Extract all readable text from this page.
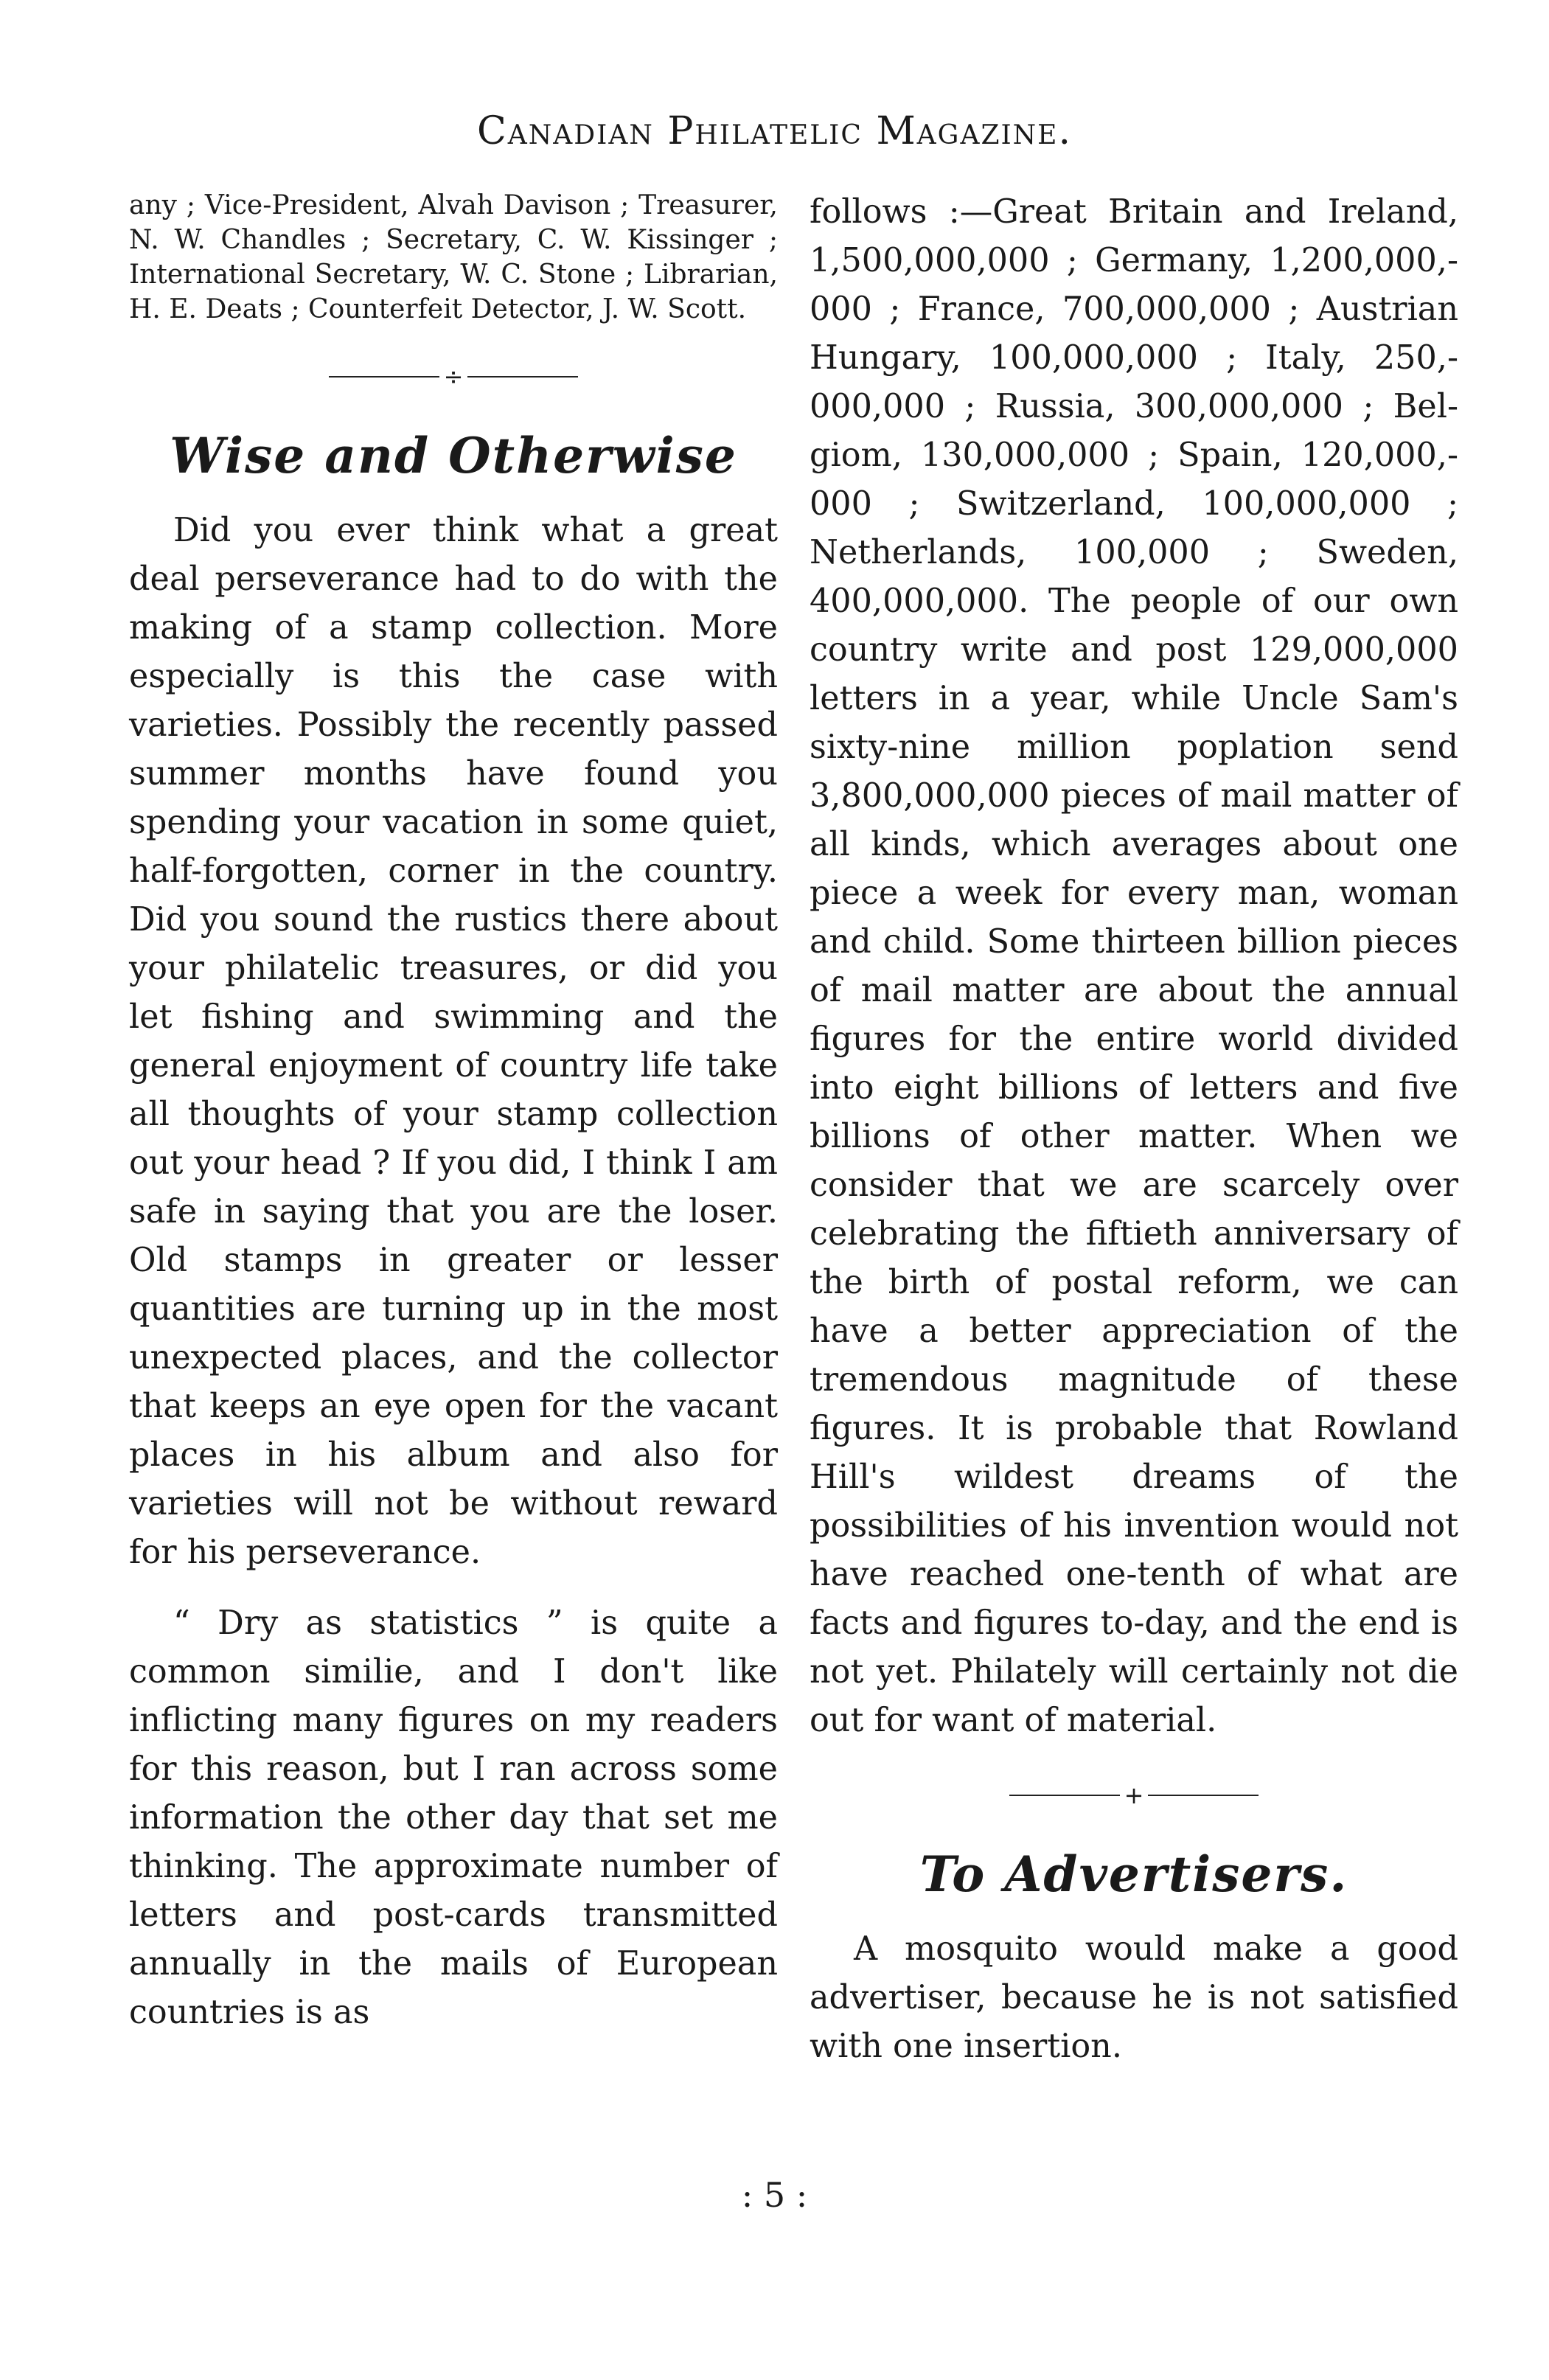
Canadian Philatelic Magazine.

any ; Vice-President, Alvah Davison ; Treasurer, N. W. Chandles ; Secretary, C. W. Kissinger ; International Secretary, W. C. Stone ; Librarian, H. E. Deats ; Counterfeit Detector, J. W. Scott.

÷
Wise and Otherwise

Did you ever think what a great deal perseverance had to do with the making of a stamp collection. More especially is this the case with varieties. Possibly the recently passed summer months have found you spending your vacation in some quiet, half-forgotten, corner in the country. Did you sound the rustics there about your philatelic treasures, or did you let fishing and swimming and the general enjoyment of country life take all thoughts of your stamp collection out your head ? If you did, I think I am safe in saying that you are the loser. Old stamps in greater or lesser quantities are turning up in the most unexpected places, and the collector that keeps an eye open for the vacant places in his album and also for varieties will not be without reward for his perseverance.

“ Dry as statistics ” is quite a common similie, and I don't like inflicting many figures on my readers for this reason, but I ran across some information the other day that set me thinking. The approximate number of letters and post-cards transmitted annually in the mails of European countries is as

follows :—Great Britain and Ireland, 1,500,000,000 ; Germany, 1,200,000,000 ; France, 700,000,000 ; Austrian Hungary, 100,000,000 ; Italy, 250,000,000 ; Russia, 300,000,000 ; Belgiom, 130,000,000 ; Spain, 120,000,000 ; Switzerland, 100,000,000 ; Netherlands, 100,000 ; Sweden, 400,000,000. The people of our own country write and post 129,000,000 letters in a year, while Uncle Sam's sixty-nine million poplation send 3,800,000,000 pieces of mail matter of all kinds, which averages about one piece a week for every man, woman and child. Some thirteen billion pieces of mail matter are about the annual figures for the entire world divided into eight billions of letters and five billions of other matter. When we consider that we are scarcely over celebrating the fiftieth anniversary of the birth of postal reform, we can have a better appreciation of the tremendous magnitude of these figures. It is probable that Rowland Hill's wildest dreams of the possibilities of his invention would not have reached one-tenth of what are facts and figures to-day, and the end is not yet. Philately will certainly not die out for want of material.

+
To Advertisers.

A mosquito would make a good advertiser, because he is not satisfied with one insertion.

: 5 :
